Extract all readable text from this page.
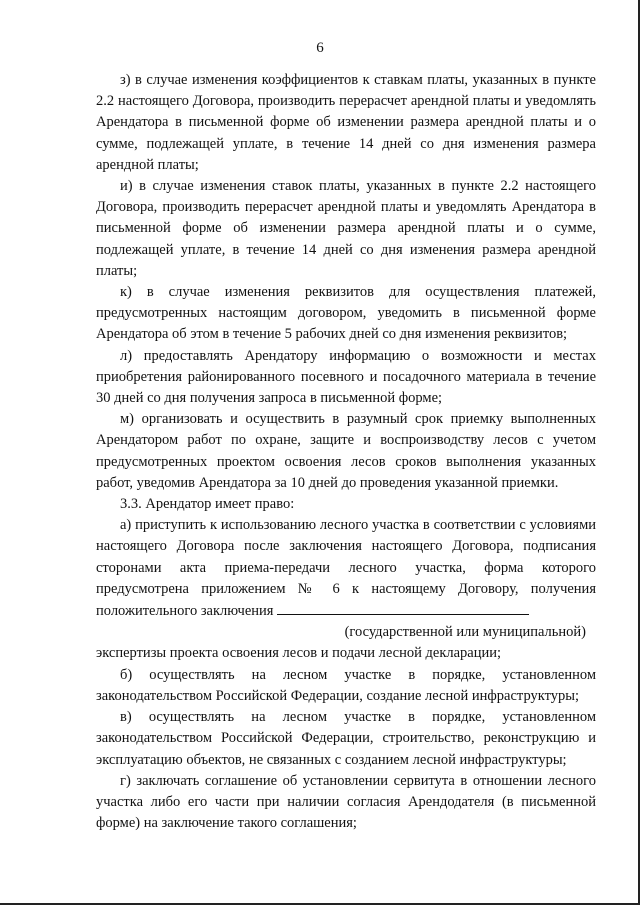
6

з) в случае изменения коэффициентов к ставкам платы, указанных в пункте 2.2 настоящего Договора, производить перерасчет арендной платы и уведомлять Арендатора в письменной форме об изменении размера арендной платы и о сумме, подлежащей уплате, в течение 14 дней со дня изменения размера арендной платы;

и) в случае изменения ставок платы, указанных в пункте 2.2 настоящего Договора, производить перерасчет арендной платы и уведомлять Арендатора в письменной форме об изменении размера арендной платы и о сумме, подлежащей уплате, в течение 14 дней со дня изменения размера арендной платы;

к) в случае изменения реквизитов для осуществления платежей, предусмотренных настоящим договором, уведомить в письменной форме Арендатора об этом в течение 5 рабочих дней со дня изменения реквизитов;

л) предоставлять Арендатору информацию о возможности и местах приобретения районированного посевного и посадочного материала в течение 30 дней со дня получения запроса в письменной форме;

м) организовать и осуществить в разумный срок приемку выполненных Арендатором работ по охране, защите и воспроизводству лесов с учетом предусмотренных проектом освоения лесов сроков выполнения указанных работ, уведомив Арендатора за 10 дней до проведения указанной приемки.

3.3. Арендатор имеет право:

а) приступить к использованию лесного участка в соответствии с условиями настоящего Договора после заключения настоящего Договора, подписания сторонами акта приема-передачи лесного участка, форма которого предусмотрена приложением № 6 к настоящему Договору, получения положительного заключения

(государственной или муниципальной)

экспертизы проекта освоения лесов и подачи лесной декларации;

б) осуществлять на лесном участке в порядке, установленном законодательством Российской Федерации, создание лесной инфраструктуры;

в) осуществлять на лесном участке в порядке, установленном законодательством Российской Федерации, строительство, реконструкцию и эксплуатацию объектов, не связанных с созданием лесной инфраструктуры;

г) заключать соглашение об установлении сервитута в отношении лесного участка либо его части при наличии согласия Арендодателя (в письменной форме) на заключение такого соглашения;
